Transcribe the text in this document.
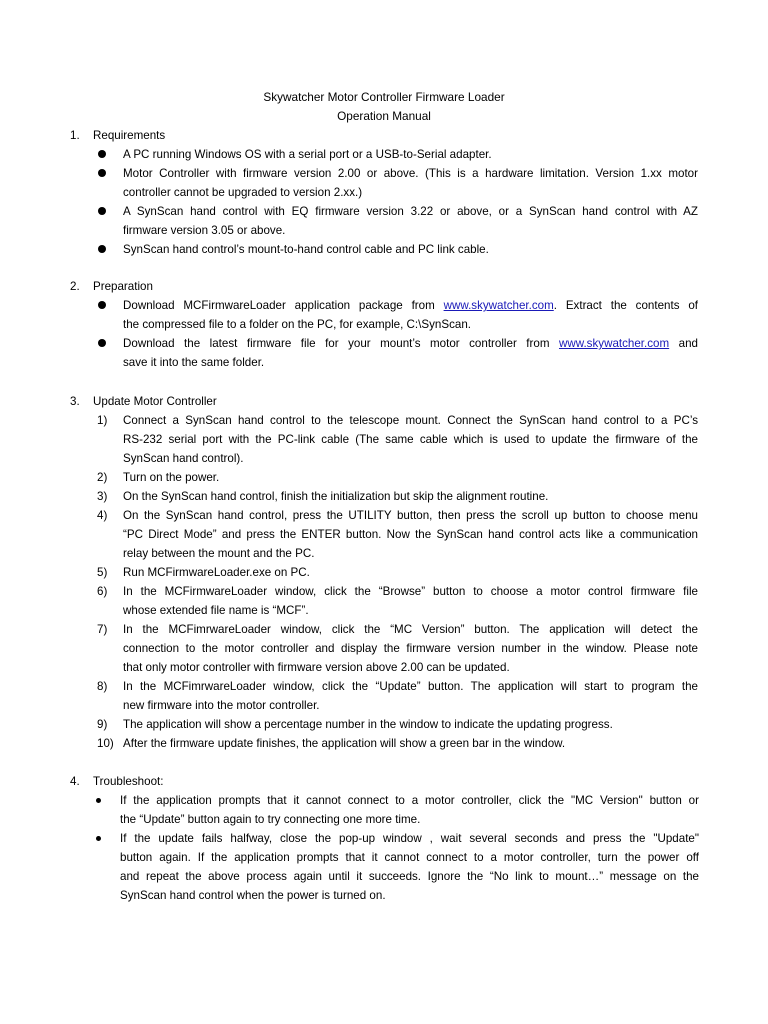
Skywatcher Motor Controller Firmware Loader
Operation Manual
1. Requirements
A PC running Windows OS with a serial port or a USB-to-Serial adapter.
Motor Controller with firmware version 2.00 or above. (This is a hardware limitation. Version 1.xx motor
controller cannot be upgraded to version 2.xx.)
A SynScan hand control with EQ firmware version 3.22 or above, or a SynScan hand control with AZ
firmware version 3.05 or above.
SynScan hand control’s mount-to-hand control cable and PC link cable.
2. Preparation
Download MCFirmwareLoader application package from www.skywatcher.com. Extract the contents of
the compressed file to a folder on the PC, for example, C:\SynScan.
Download the latest firmware file for your mount’s motor controller from www.skywatcher.com and
save it into the same folder.
3. Update Motor Controller
1) Connect a SynScan hand control to the telescope mount. Connect the SynScan hand control to a PC’s
RS-232 serial port with the PC-link cable (The same cable which is used to update the firmware of the
SynScan hand control).
2) Turn on the power.
3) On the SynScan hand control, finish the initialization but skip the alignment routine.
4) On the SynScan hand control, press the UTILITY button, then press the scroll up button to choose menu
“PC Direct Mode” and press the ENTER button. Now the SynScan hand control acts like a communication
relay between the mount and the PC.
5) Run MCFirmwareLoader.exe on PC.
6) In the MCFirmwareLoader window, click the “Browse” button to choose a motor control firmware file
whose extended file name is “MCF”.
7) In the MCFimrwareLoader window, click the “MC Version” button. The application will detect the
connection to the motor controller and display the firmware version number in the window. Please note
that only motor controller with firmware version above 2.00 can be updated.
8) In the MCFimrwareLoader window, click the “Update” button. The application will start to program the
new firmware into the motor controller.
9) The application will show a percentage number in the window to indicate the updating progress.
10) After the firmware update finishes, the application will show a green bar in the window.
4. Troubleshoot:
If the application prompts that it cannot connect to a motor controller, click the "MC Version" button or
the “Update” button again to try connecting one more time.
If the update fails halfway, close the pop-up window , wait several seconds and press the "Update"
button again. If the application prompts that it cannot connect to a motor controller, turn the power off
and repeat the above process again until it succeeds. Ignore the “No link to mount…” message on the
SynScan hand control when the power is turned on.
